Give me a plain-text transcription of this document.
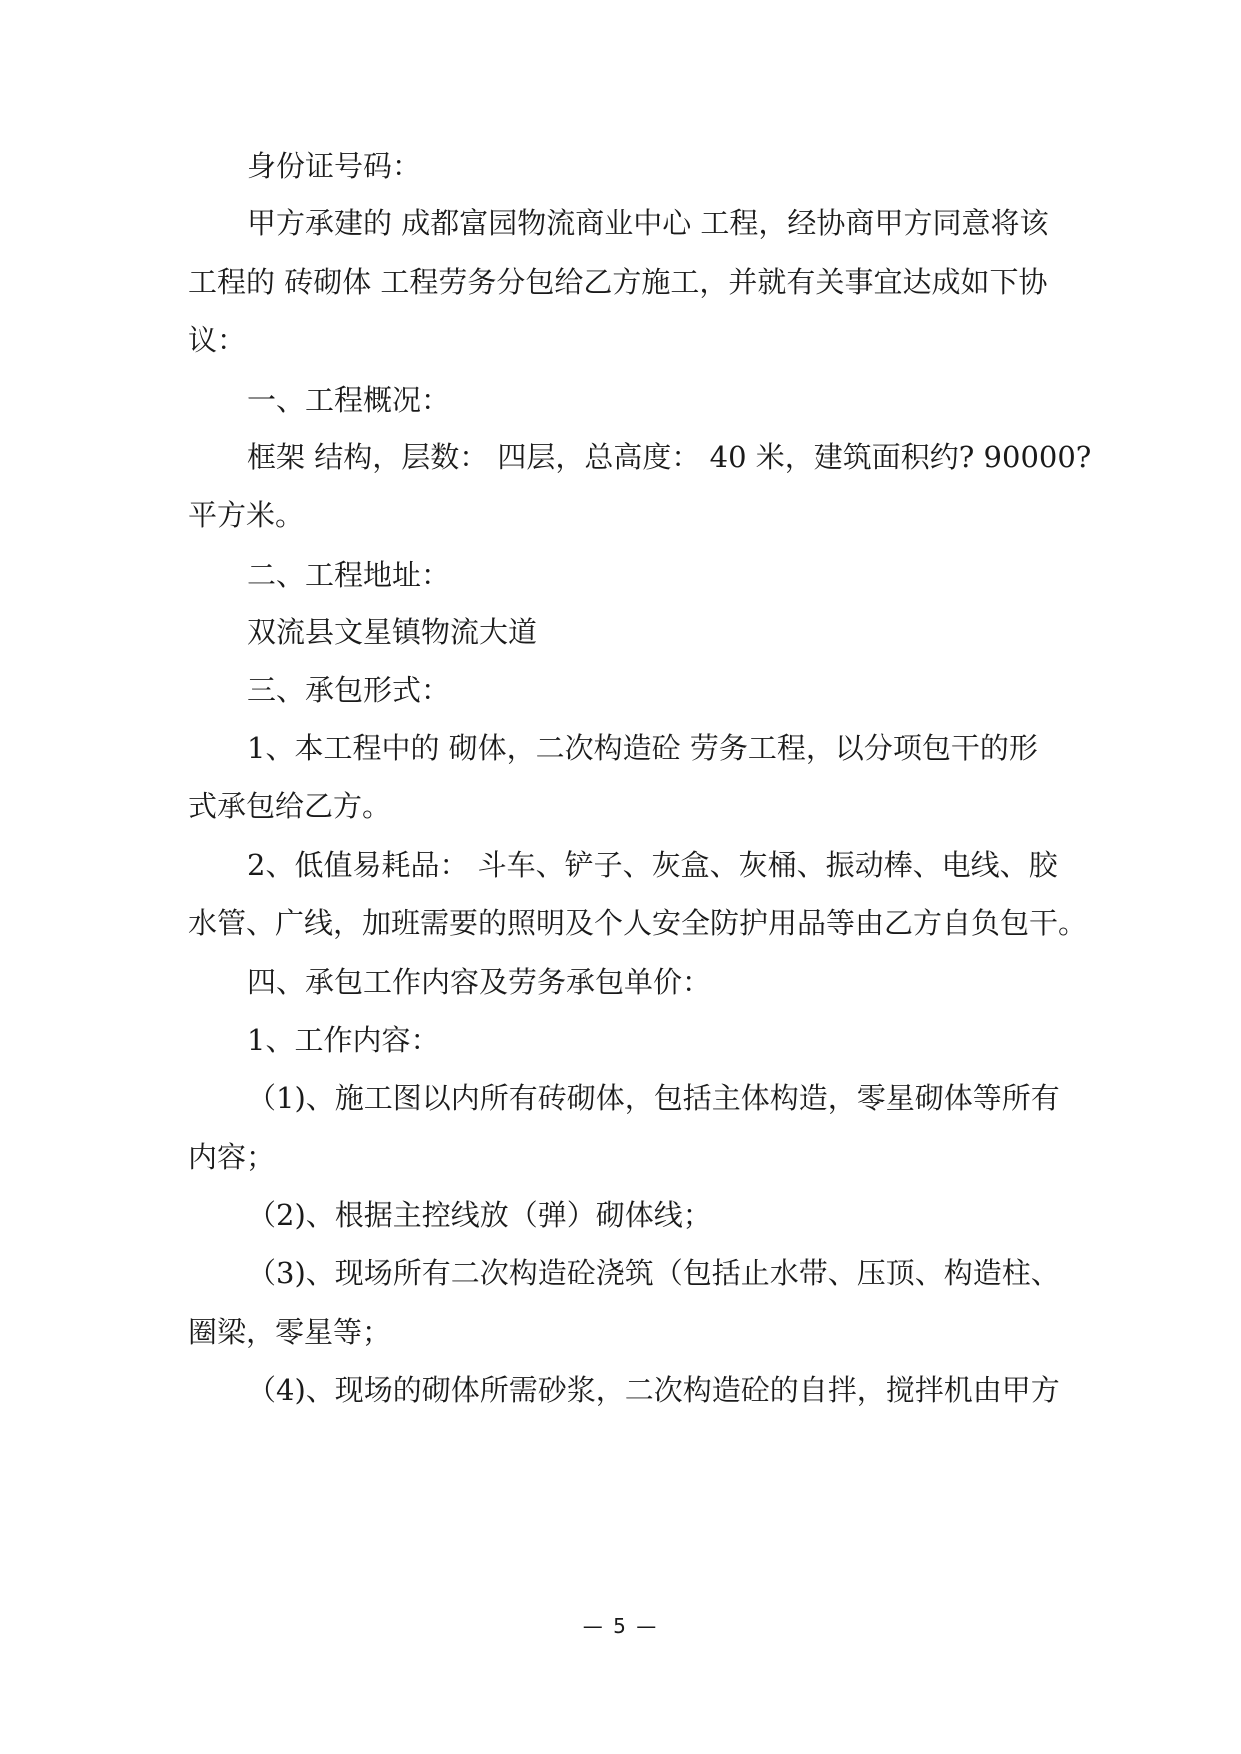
身份证号码：
甲方承建的 成都富园物流商业中心 工程，经协商甲方同意将该
工程的 砖砌体 工程劳务分包给乙方施工，并就有关事宜达成如下协
议：
一、工程概况：
框架 结构，层数： 四层，总高度： 40 米，建筑面积约? 90000?
平方米。
二、工程地址：
双流县文星镇物流大道
三、承包形式：
1、本工程中的 砌体，二次构造砼 劳务工程，以分项包干的形
式承包给乙方。
2、低值易耗品： 斗车、铲子、灰盒、灰桶、振动棒、电线、胶
水管、广线，加班需要的照明及个人安全防护用品等由乙方自负包干。
四、承包工作内容及劳务承包单价：
1、工作内容：
（1)、施工图以内所有砖砌体，包括主体构造，零星砌体等所有
内容；
（2)、根据主控线放（弹）砌体线；
（3)、现场所有二次构造砼浇筑（包括止水带、压顶、构造柱、
圈梁，零星等；
（4)、现场的砌体所需砂浆，二次构造砼的自拌，搅拌机由甲方
— 5 —
